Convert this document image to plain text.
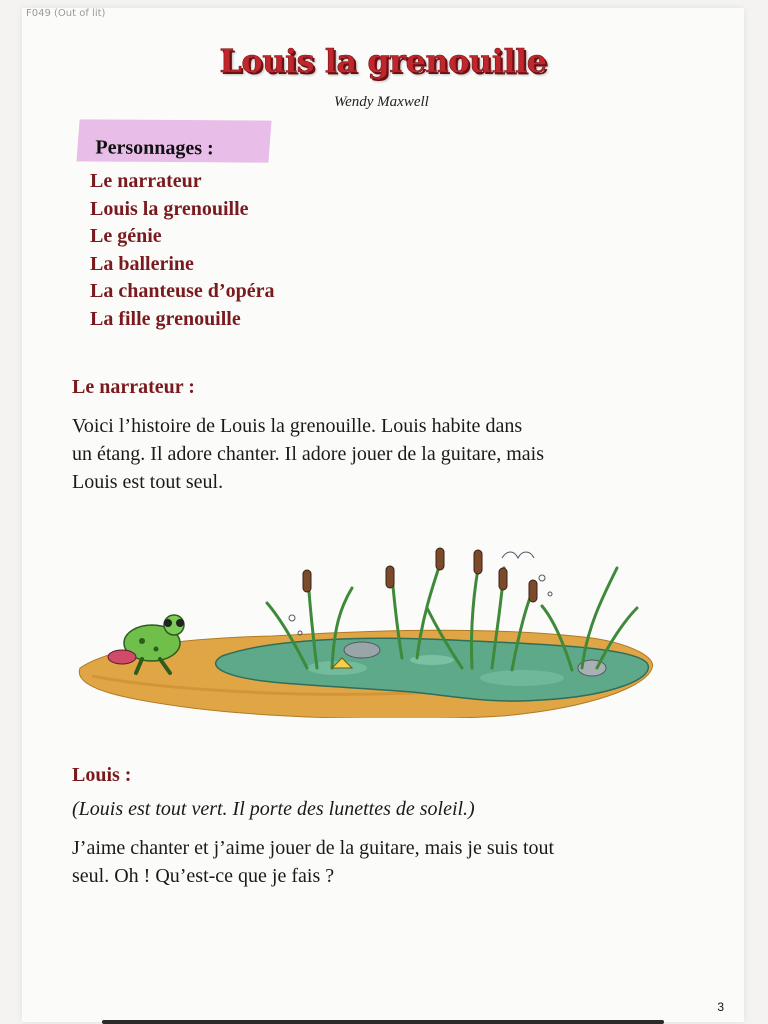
F049 (Out of lit)
Louis la grenouille
Wendy Maxwell
Personnages :
Le narrateur
Louis la grenouille
Le génie
La ballerine
La chanteuse d’opéra
La fille grenouille
Le narrateur :
Voici l’histoire de Louis la grenouille. Louis habite dans
un étang. Il adore chanter. Il adore jouer de la guitare, mais
Louis est tout seul.
Louis :
(Louis est tout vert. Il porte des lunettes de soleil.)
J’aime chanter et j’aime jouer de la guitare, mais je suis tout
seul. Oh ! Qu’est-ce que je fais ?
3
